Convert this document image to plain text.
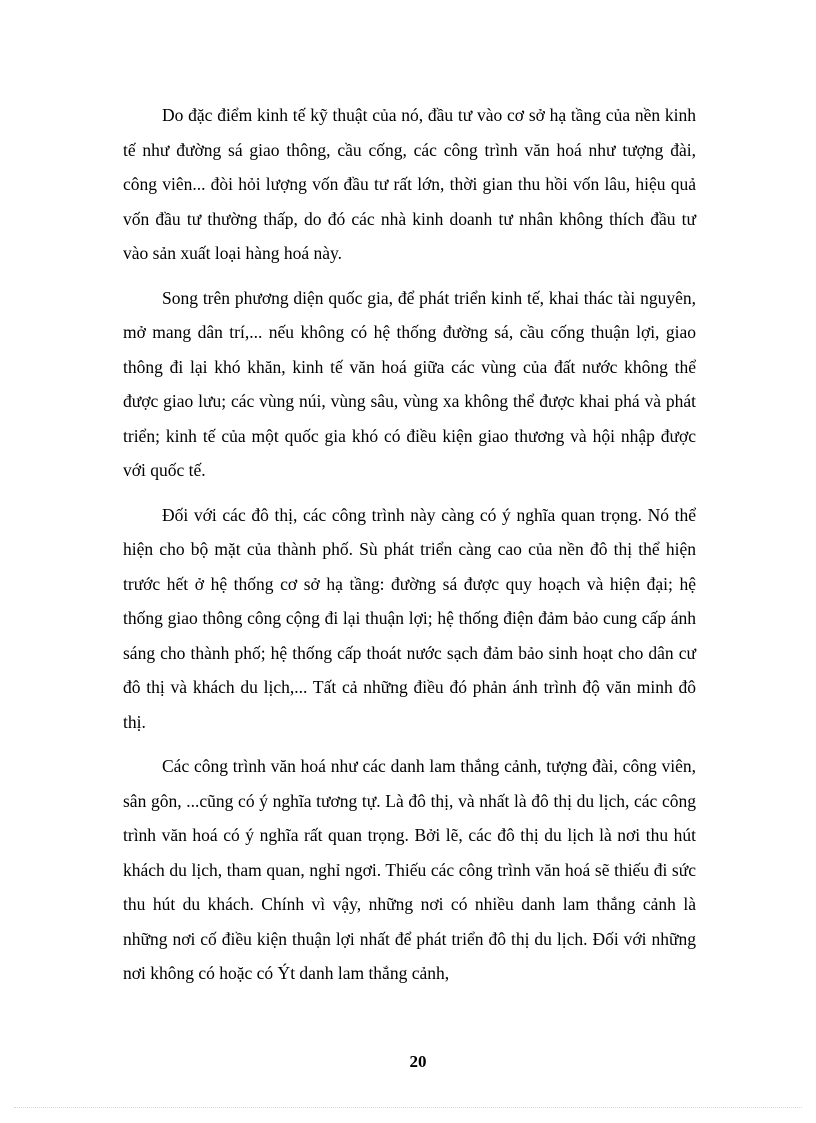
Do đặc điểm kinh tế kỹ thuật của nó, đầu tư vào cơ sở hạ tầng của nền kinh tế như đường sá giao thông, cầu cống, các công trình văn hoá như tượng đài, công viên... đòi hỏi lượng vốn đầu tư rất lớn, thời gian thu hồi vốn lâu, hiệu quả vốn đầu tư thường thấp, do đó các nhà kinh doanh tư nhân không thích đầu tư vào sản xuất loại hàng hoá này.

Song trên phương diện quốc gia, để phát triển kinh tế, khai thác tài nguyên, mở mang dân trí,... nếu không có hệ thống đường sá, cầu cống thuận lợi, giao thông đi lại khó khăn, kinh tế văn hoá giữa các vùng của đất nước không thể được giao lưu; các vùng núi, vùng sâu, vùng xa không thể được khai phá và phát triển; kinh tế của một quốc gia khó có điều kiện giao thương và hội nhập được với quốc tế.

Đối với các đô thị, các công trình này càng có ý nghĩa quan trọng. Nó thể hiện cho bộ mặt của thành phố. Sù phát triển càng cao của nền đô thị thể hiện trước hết ở hệ thống cơ sở hạ tầng: đường sá được quy hoạch và hiện đại; hệ thống giao thông công cộng đi lại thuận lợi; hệ thống điện đảm bảo cung cấp ánh sáng cho thành phố; hệ thống cấp thoát nước sạch đảm bảo sinh hoạt cho dân cư đô thị và khách du lịch,... Tất cả những điều đó phản ánh trình độ văn minh đô thị.

Các công trình văn hoá như các danh lam thắng cảnh, tượng đài, công viên, sân gôn, ...cũng có ý nghĩa tương tự. Là đô thị, và nhất là đô thị du lịch, các công trình văn hoá có ý nghĩa rất quan trọng. Bởi lẽ, các đô thị du lịch là nơi thu hút khách du lịch, tham quan, nghỉ ngơi. Thiếu các công trình văn hoá sẽ thiếu đi sức thu hút du khách. Chính vì vậy, những nơi có nhiều danh lam thắng cảnh là những nơi cố điều kiện thuận lợi nhất để phát triển đô thị du lịch. Đối với những nơi không có hoặc có Ýt danh lam thắng cảnh,

20
